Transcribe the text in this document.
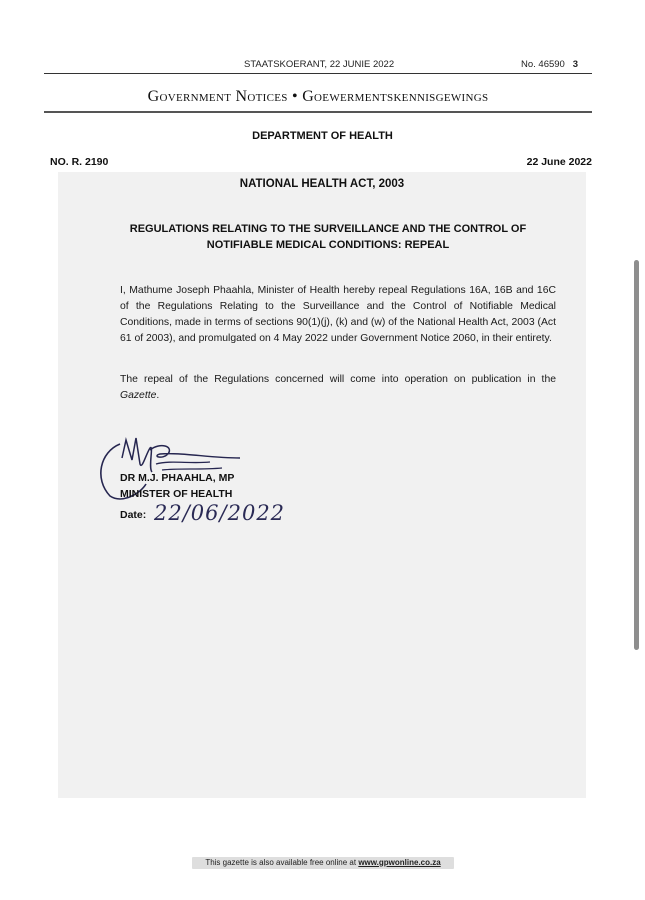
STAATSKOERANT, 22 JUNIE 2022	No. 46590 3
Government Notices • Goewermentskennisgewings
DEPARTMENT OF HEALTH
NO. R. 2190	22 June 2022
NATIONAL HEALTH ACT, 2003
REGULATIONS RELATING TO THE SURVEILLANCE AND THE CONTROL OF
NOTIFIABLE MEDICAL CONDITIONS: REPEAL
I, Mathume Joseph Phaahla, Minister of Health hereby repeal Regulations 16A, 16B and 16C of the Regulations Relating to the Surveillance and the Control of Notifiable Medical Conditions, made in terms of sections 90(1)(j), (k) and (w) of the National Health Act, 2003 (Act 61 of 2003), and promulgated on 4 May 2022 under Government Notice 2060, in their entirety.
The repeal of the Regulations concerned will come into operation on publication in the Gazette.
DR M.J. PHAAHLA, MP
MINISTER OF HEALTH
Date: 22/06/2022
This gazette is also available free online at www.gpwonline.co.za
